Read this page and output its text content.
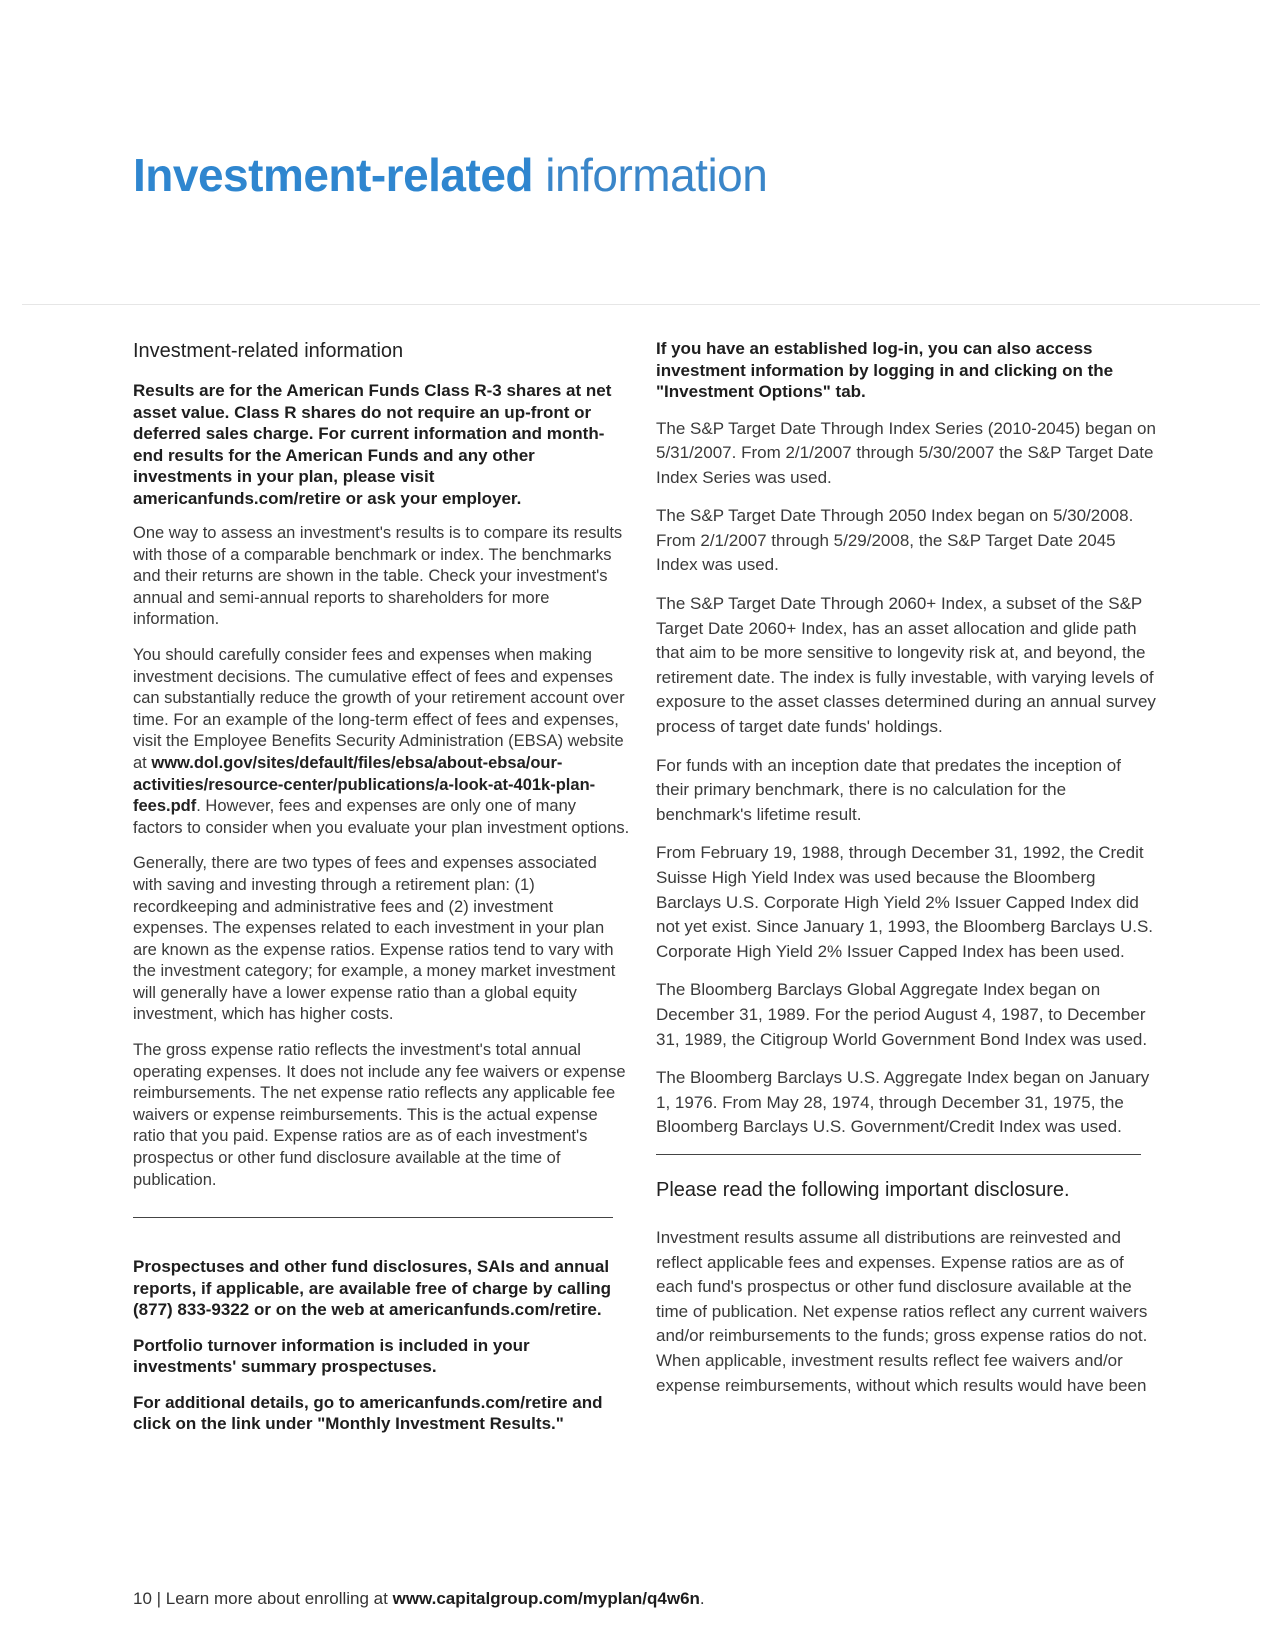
Investment-related information
Investment-related information

Results are for the American Funds Class R-3 shares at net asset value. Class R shares do not require an up-front or deferred sales charge. For current information and month-end results for the American Funds and any other investments in your plan, please visit americanfunds.com/retire or ask your employer.

One way to assess an investment's results is to compare its results with those of a comparable benchmark or index. The benchmarks and their returns are shown in the table. Check your investment's annual and semi-annual reports to shareholders for more information.

You should carefully consider fees and expenses when making investment decisions. The cumulative effect of fees and expenses can substantially reduce the growth of your retirement account over time. For an example of the long-term effect of fees and expenses, visit the Employee Benefits Security Administration (EBSA) website at www.dol.gov/sites/default/files/ebsa/about-ebsa/our-activities/resource-center/publications/a-look-at-401k-plan-fees.pdf. However, fees and expenses are only one of many factors to consider when you evaluate your plan investment options.

Generally, there are two types of fees and expenses associated with saving and investing through a retirement plan: (1) recordkeeping and administrative fees and (2) investment expenses. The expenses related to each investment in your plan are known as the expense ratios. Expense ratios tend to vary with the investment category; for example, a money market investment will generally have a lower expense ratio than a global equity investment, which has higher costs.

The gross expense ratio reflects the investment's total annual operating expenses. It does not include any fee waivers or expense reimbursements. The net expense ratio reflects any applicable fee waivers or expense reimbursements. This is the actual expense ratio that you paid. Expense ratios are as of each investment's prospectus or other fund disclosure available at the time of publication.

Prospectuses and other fund disclosures, SAIs and annual reports, if applicable, are available free of charge by calling (877) 833-9322 or on the web at americanfunds.com/retire.

Portfolio turnover information is included in your investments' summary prospectuses.

For additional details, go to americanfunds.com/retire and click on the link under "Monthly Investment Results."

If you have an established log-in, you can also access investment information by logging in and clicking on the "Investment Options" tab.

The S&P Target Date Through Index Series (2010-2045) began on 5/31/2007. From 2/1/2007 through 5/30/2007 the S&P Target Date Index Series was used.

The S&P Target Date Through 2050 Index began on 5/30/2008. From 2/1/2007 through 5/29/2008, the S&P Target Date 2045 Index was used.

The S&P Target Date Through 2060+ Index, a subset of the S&P Target Date 2060+ Index, has an asset allocation and glide path that aim to be more sensitive to longevity risk at, and beyond, the retirement date. The index is fully investable, with varying levels of exposure to the asset classes determined during an annual survey process of target date funds' holdings.

For funds with an inception date that predates the inception of their primary benchmark, there is no calculation for the benchmark's lifetime result.

From February 19, 1988, through December 31, 1992, the Credit Suisse High Yield Index was used because the Bloomberg Barclays U.S. Corporate High Yield 2% Issuer Capped Index did not yet exist. Since January 1, 1993, the Bloomberg Barclays U.S. Corporate High Yield 2% Issuer Capped Index has been used.

The Bloomberg Barclays Global Aggregate Index began on December 31, 1989. For the period August 4, 1987, to December 31, 1989, the Citigroup World Government Bond Index was used.

The Bloomberg Barclays U.S. Aggregate Index began on January 1, 1976. From May 28, 1974, through December 31, 1975, the Bloomberg Barclays U.S. Government/Credit Index was used.

Please read the following important disclosure.

Investment results assume all distributions are reinvested and reflect applicable fees and expenses. Expense ratios are as of each fund's prospectus or other fund disclosure available at the time of publication. Net expense ratios reflect any current waivers and/or reimbursements to the funds; gross expense ratios do not. When applicable, investment results reflect fee waivers and/or expense reimbursements, without which results would have been

10 | Learn more about enrolling at www.capitalgroup.com/myplan/q4w6n.
